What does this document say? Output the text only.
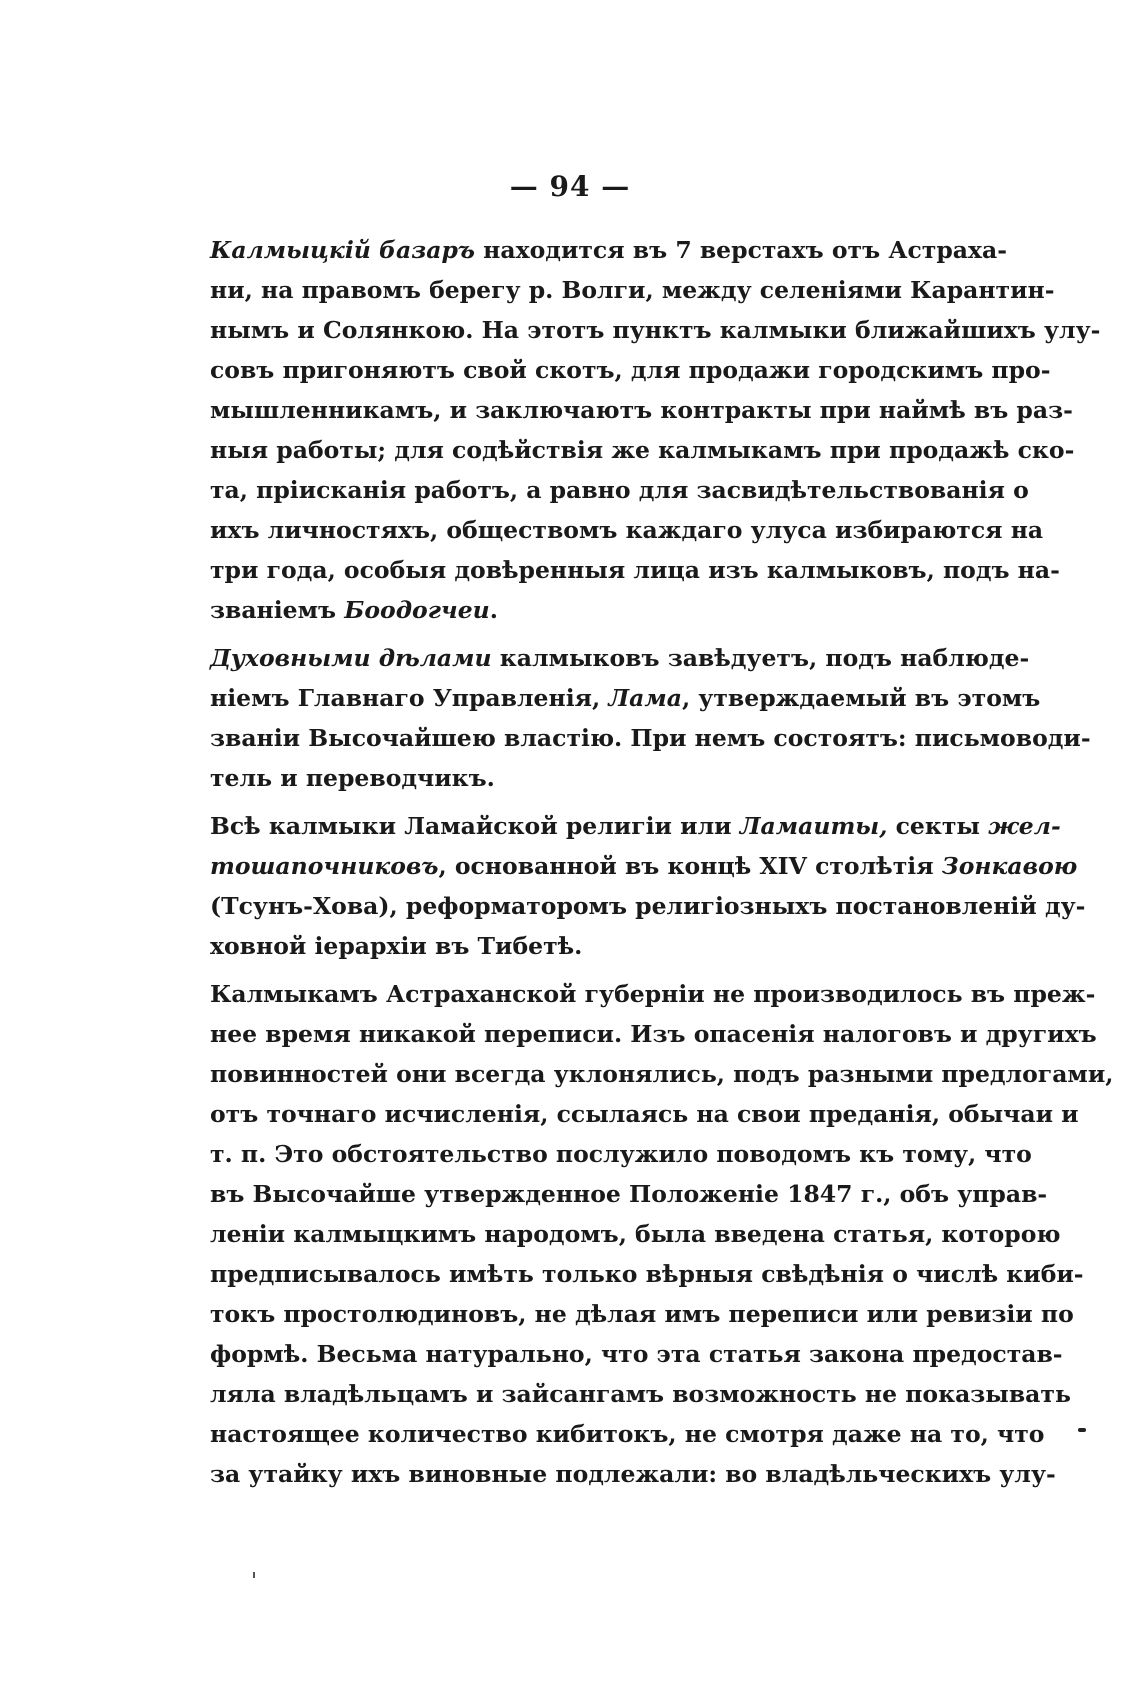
— 94 —
Калмыцкій базаръ находится въ 7 верстахъ отъ Астраха-
ни, на правомъ берегу р. Волги, между селеніями Карантин-
нымъ и Солянкою. На этотъ пунктъ калмыки ближайшихъ улу-
совъ пригоняютъ свой скотъ, для продажи городскимъ про-
мышленникамъ, и заключаютъ контракты при наймѣ въ раз-
ныя работы; для содѣйствія же калмыкамъ при продажѣ ско-
та, прiисканія работъ, а равно для засвидѣтельствованія о
ихъ личностяхъ, обществомъ каждаго улуса избираются на
три года, особыя довѣренныя лица изъ калмыковъ, подъ на-
званіемъ Боодогчеи.
Духовными дѣлами калмыковъ завѣдуетъ, подъ наблюде-
ніемъ Главнаго Управленія, Лама, утверждаемый въ этомъ
званіи Высочайшею властію. При немъ состоятъ: письмоводи-
тель и переводчикъ.
Всѣ калмыки Ламайской религіи или Ламаиты, секты жел-
тошапочниковъ, основанной въ концѣ XIV столѣтія Зонкавою
(Тсунъ-Хова), реформаторомъ религіозныхъ постановленій ду-
ховной іерархіи въ Тибетѣ.
Калмыкамъ Астраханской губерніи не производилось въ преж-
нее время никакой переписи. Изъ опасенія налоговъ и другихъ
повинностей они всегда уклонялись, подъ разными предлогами,
отъ точнаго исчисленія, ссылаясь на свои преданія, обычаи и
т. п. Это обстоятельство послужило поводомъ къ тому, что
въ Высочайше утвержденное Положеніе 1847 г., объ управ-
леніи калмыцкимъ народомъ, была введена статья, которою
предписывалось имѣть только вѣрныя свѣдѣнія о числѣ киби-
токъ простолюдиновъ, не дѣлая имъ переписи или ревизіи по
формѣ. Весьма натурально, что эта статья закона предостав-
ляла владѣльцамъ и зайсангамъ возможность не показывать
настоящее количество кибитокъ, не смотря даже на то, что
за утайку ихъ виновные подлежали: во владѣльческихъ улу-
